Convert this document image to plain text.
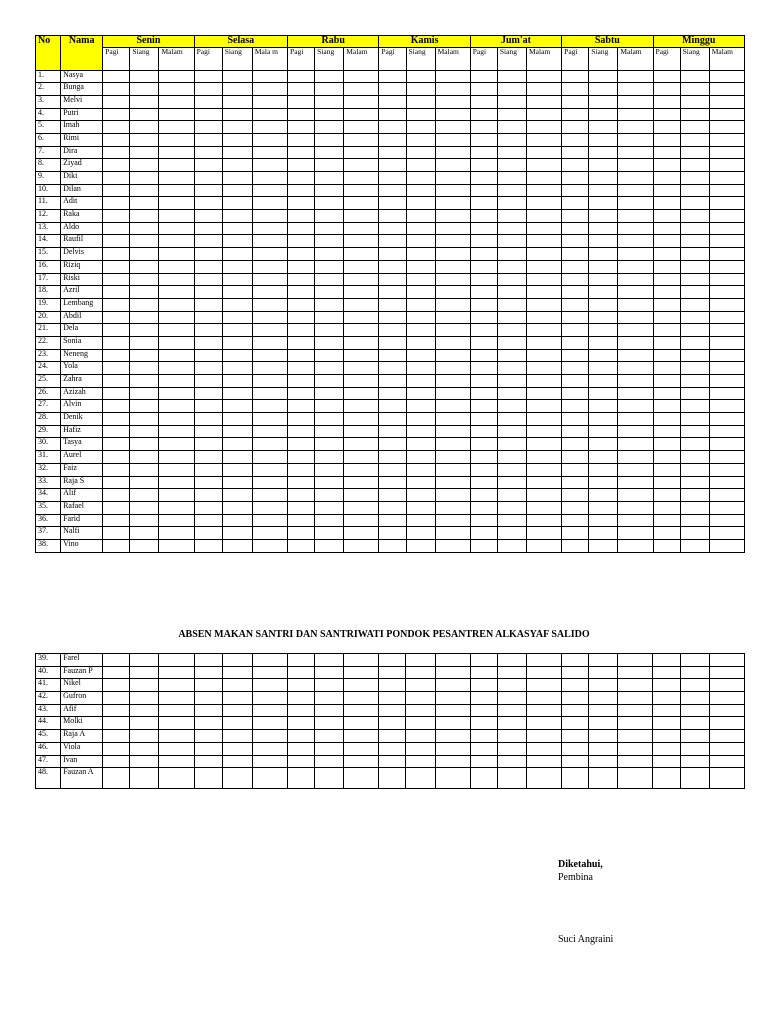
No	Nama	Senin			Selasa			Rabu			Kamis			Jum'at			Sabtu			Minggu		
		Pagi	Siang	Malam	Pagi	Siang	Mala m	Pagi	Siang	Malam	Pagi	Siang	Malam	Pagi	Siang	Malam	Pagi	Siang	Malam	Pagi	Siang	Malam
1.	Nasya																					
2.	Bunga																					
3.	Melvi																					
4.	Putri																					
5.	Imah																					
6.	Rimi																					
7.	Dira																					
8.	Ziyad																					
9.	Diki																					
10.	Dilan																					
11.	Adit																					
12.	Raka																					
13.	Aldo																					
14.	Raufil																					
15.	Delvis																					
16.	Riziq																					
17.	Riski																					
18.	Azril																					
19.	Lembang																					
20.	Abdil																					
21.	Dela																					
22.	Sonia																					
23.	Neneng																					
24.	Yola																					
25.	Zahra																					
26.	Azizah																					
27.	Alvin																					
28.	Denik																					
29.	Hafiz																					
30.	Tasya																					
31.	Aurel																					
32.	Faiz																					
33.	Raja S																					
34.	Alif																					
35.	Rafael																					
36.	Farid																					
37.	Nalfi																					
38.	Vino																					
ABSEN MAKAN SANTRI DAN SANTRIWATI PONDOK PESANTREN ALKASYAF SALIDO
39.	Farel																					
40.	Fauzan P																					
41.	Nikel																					
42.	Gufron																					
43.	Afif																					
44.	Molki																					
45.	Raja A																					
46.	Viola																					
47.	Ivan																					
48.	Fauzan A																					
Diketahui,
Pembina
Suci Angraini
